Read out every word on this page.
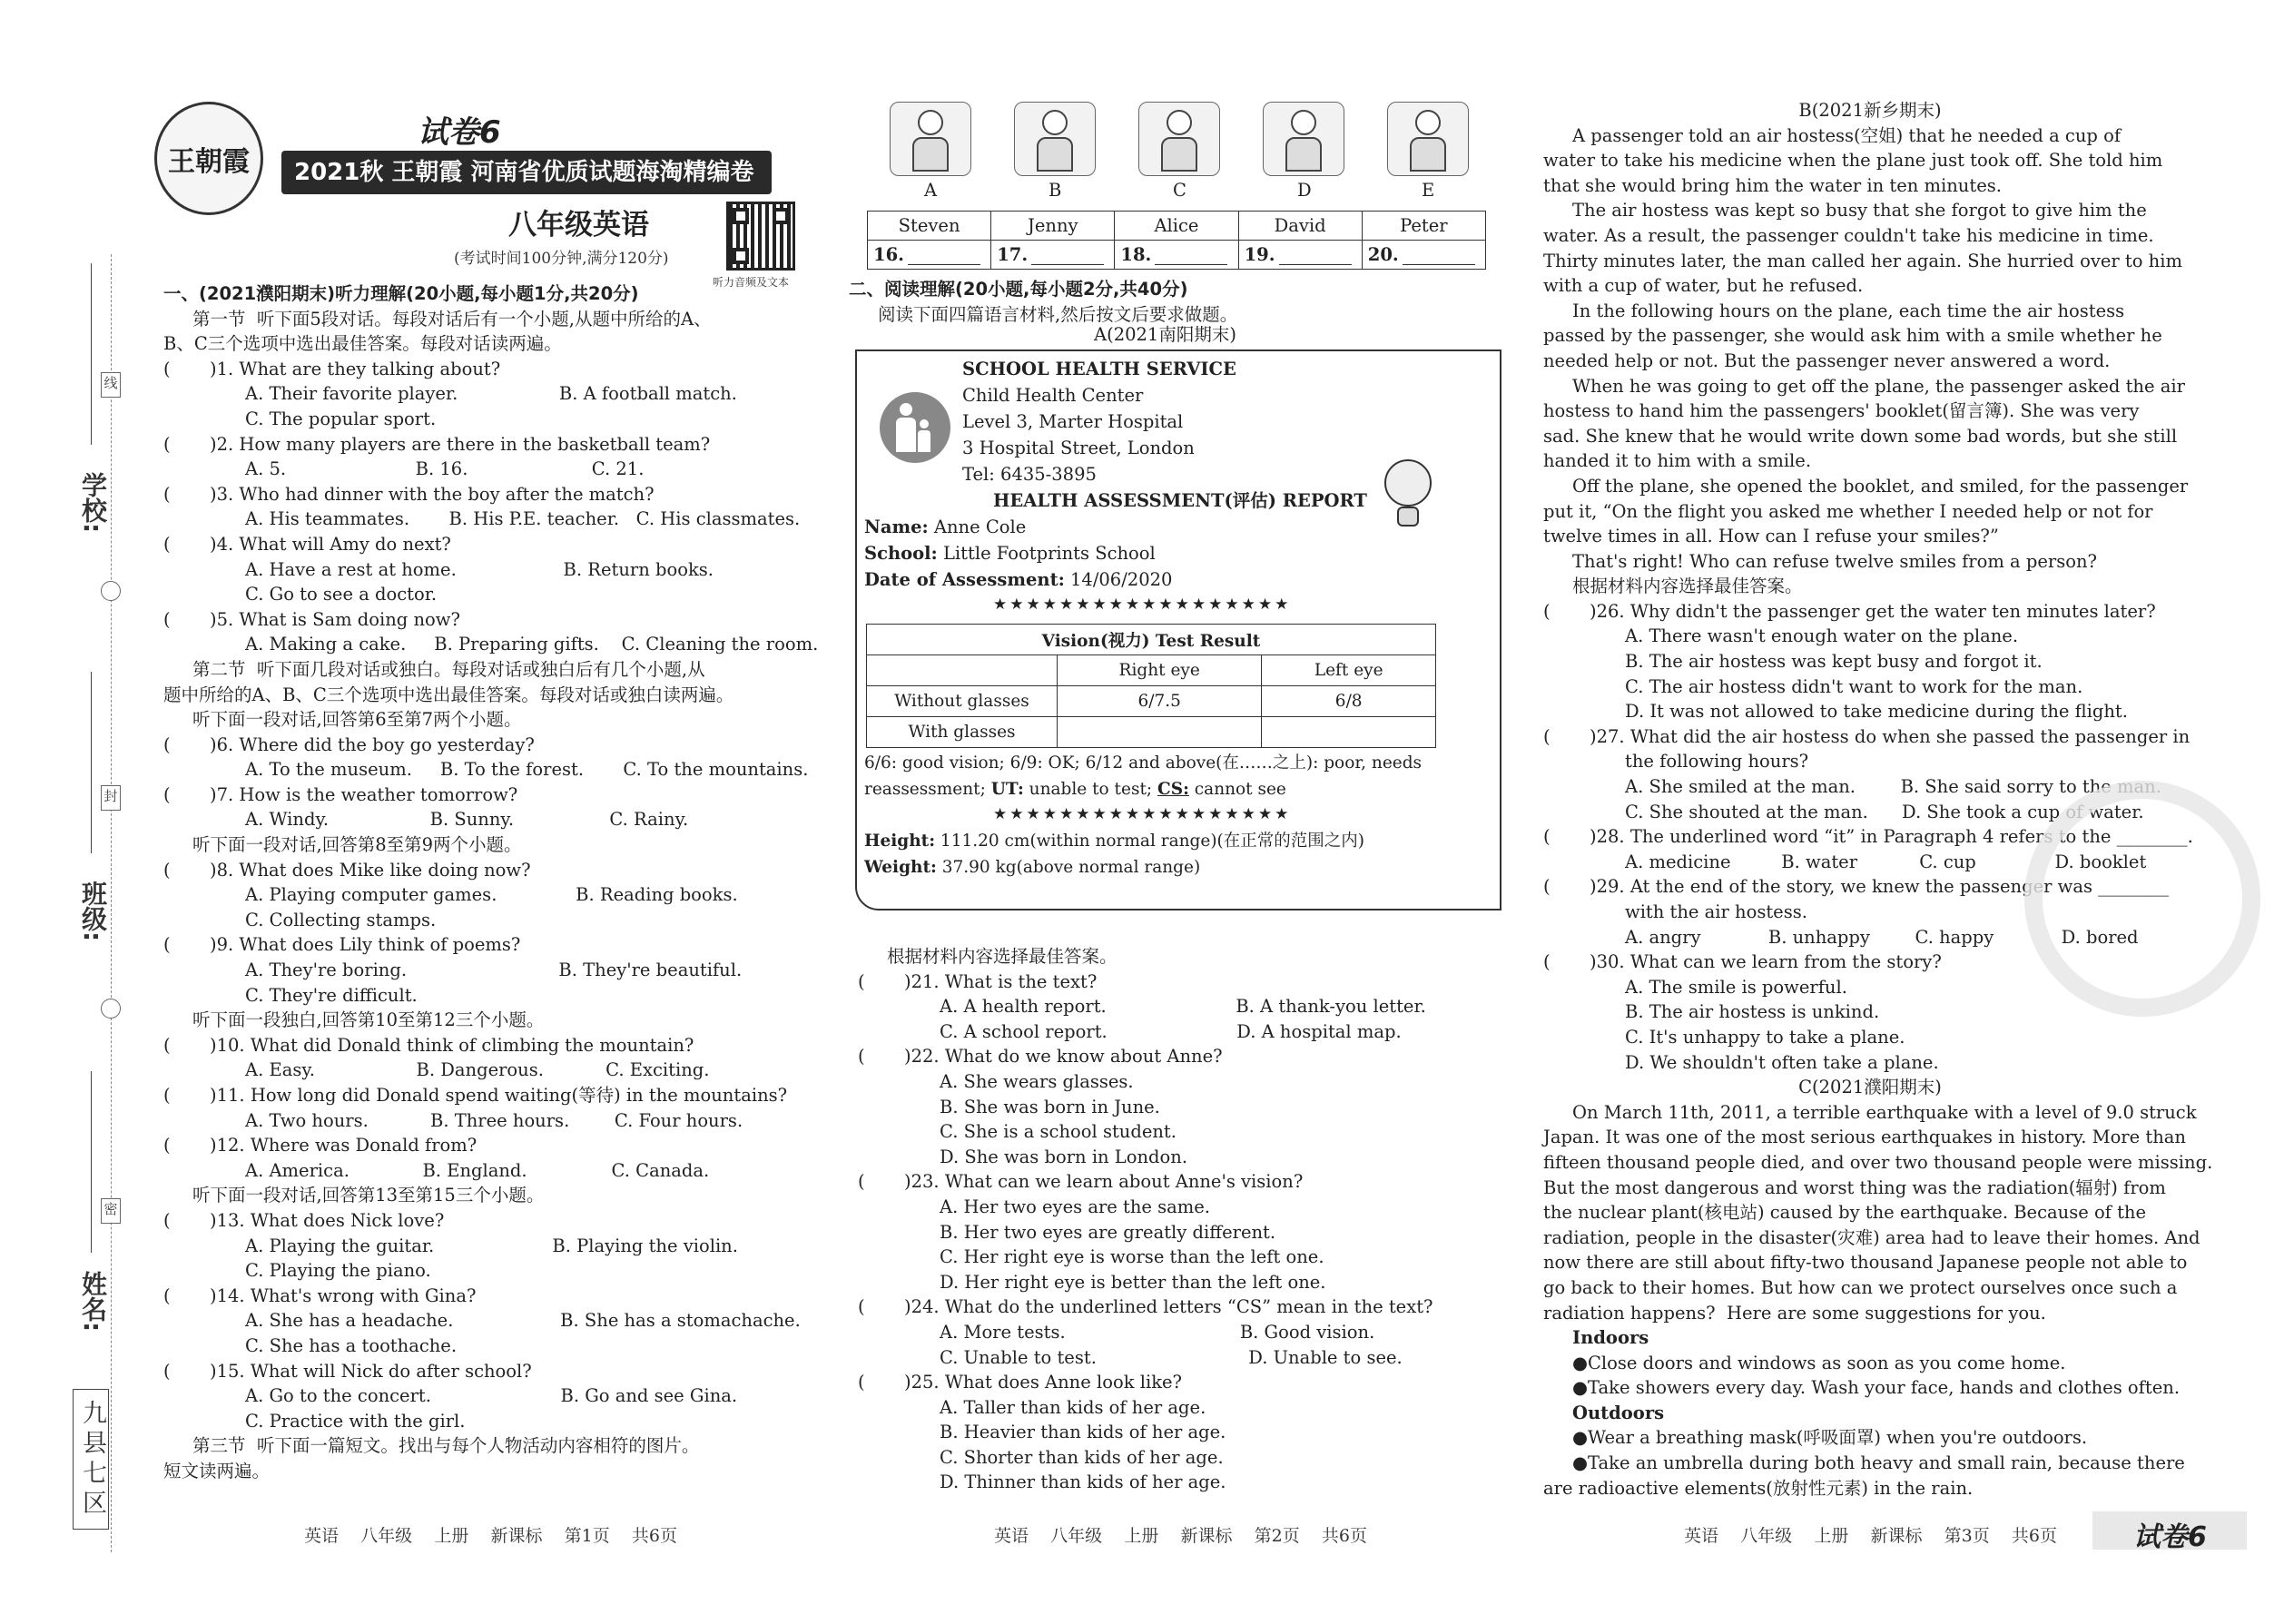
学校:
班级:
姓名:
线
封
密
九县七区
王朝霞
试卷6
2021秋 王朝霞 河南省优质试题海淘精编卷(一)	八年级英语
(考试时间100分钟,满分120分)
听力音频及文本
一、(2021濮阳期末)听力理解(20小题,每小题1分,共20分)
第一节  听下面5段对话。每段对话后有一个小题,从题中所给的A、
B、C三个选项中选出最佳答案。每段对话读两遍。
(       )1. What are they talking about?
A. Their favorite player.                  B. A football match.
C. The popular sport.
(       )2. How many players are there in the basketball team?
A. 5.                       B. 16.                      C. 21.
(       )3. Who had dinner with the boy after the match?
A. His teammates.       B. His P.E. teacher.   C. His classmates.
(       )4. What will Amy do next?
A. Have a rest at home.                   B. Return books.
C. Go to see a doctor.
(       )5. What is Sam doing now?
A. Making a cake.     B. Preparing gifts.    C. Cleaning the room.
第二节  听下面几段对话或独白。每段对话或独白后有几个小题,从
题中所给的A、B、C三个选项中选出最佳答案。每段对话或独白读两遍。
听下面一段对话,回答第6至第7两个小题。
(       )6. Where did the boy go yesterday?
A. To the museum.     B. To the forest.       C. To the mountains.
(       )7. How is the weather tomorrow?
A. Windy.                  B. Sunny.                 C. Rainy.
听下面一段对话,回答第8至第9两个小题。
(       )8. What does Mike like doing now?
A. Playing computer games.              B. Reading books.
C. Collecting stamps.
(       )9. What does Lily think of poems?
A. They're boring.                           B. They're beautiful.
C. They're difficult.
听下面一段独白,回答第10至第12三个小题。
(       )10. What did Donald think of climbing the mountain?
A. Easy.                  B. Dangerous.           C. Exciting.
(       )11. How long did Donald spend waiting(等待) in the mountains?
A. Two hours.           B. Three hours.        C. Four hours.
(       )12. Where was Donald from?
A. America.             B. England.               C. Canada.
听下面一段对话,回答第13至第15三个小题。
(       )13. What does Nick love?
A. Playing the guitar.                     B. Playing the violin.
C. Playing the piano.
(       )14. What's wrong with Gina?
A. She has a headache.                   B. She has a stomachache.
C. She has a toothache.
(       )15. What will Nick do after school?
A. Go to the concert.                       B. Go and see Gina.
C. Practice with the girl.
第三节  听下面一篇短文。找出与每个人物活动内容相符的图片。
短文读两遍。
英语    八年级    上册    新课标    第1页    共6页
A	B	C	D	E
Steven	Jenny	Alice	David	Peter
16.	17.	18.	19.	20.
二、阅读理解(20小题,每小题2分,共40分)
阅读下面四篇语言材料,然后按文后要求做题。
A(2021南阳期末)
SCHOOL HEALTH SERVICE
Child Health Center
Level 3, Marter Hospital
3 Hospital Street, London
Tel: 6435-3895
HEALTH ASSESSMENT(评估) REPORT
Name: Anne Cole
School: Little Footprints School
Date of Assessment: 14/06/2020
★★★★★★★★★★★★★★★★★★
Vision(视力) Test Result		
	Right eye	Left eye
Without glasses	6/7.5	6/8
With glasses		
6/6: good vision; 6/9: OK; 6/12 and above(在……之上): poor, needs
reassessment; UT: unable to test; CS: cannot see
★★★★★★★★★★★★★★★★★★
Height: 111.20 cm(within normal range)(在正常的范围之内)
Weight: 37.90 kg(above normal range)
根据材料内容选择最佳答案。
(       )21. What is the text?
A. A health report.                       B. A thank-you letter.
C. A school report.                       D. A hospital map.
(       )22. What do we know about Anne?
A. She wears glasses.
B. She was born in June.
C. She is a school student.
D. She was born in London.
(       )23. What can we learn about Anne's vision?
A. Her two eyes are the same.
B. Her two eyes are greatly different.
C. Her right eye is worse than the left one.
D. Her right eye is better than the left one.
(       )24. What do the underlined letters “CS” mean in the text?
A. More tests.                               B. Good vision.
C. Unable to test.                           D. Unable to see.
(       )25. What does Anne look like?
A. Taller than kids of her age.
B. Heavier than kids of her age.
C. Shorter than kids of her age.
D. Thinner than kids of her age.
英语    八年级    上册    新课标    第2页    共6页
B(2021新乡期末)
A passenger told an air hostess(空姐) that he needed a cup of
water to take his medicine when the plane just took off. She told him
that she would bring him the water in ten minutes.
The air hostess was kept so busy that she forgot to give him the
water. As a result, the passenger couldn't take his medicine in time.
Thirty minutes later, the man called her again. She hurried over to him
with a cup of water, but he refused.
In the following hours on the plane, each time the air hostess
passed by the passenger, she would ask him with a smile whether he
needed help or not. But the passenger never answered a word.
When he was going to get off the plane, the passenger asked the air
hostess to hand him the passengers' booklet(留言簿). She was very
sad. She knew that he would write down some bad words, but she still
handed it to him with a smile.
Off the plane, she opened the booklet, and smiled, for the passenger
put it, “On the flight you asked me whether I needed help or not for
twelve times in all. How can I refuse your smiles?”
That's right! Who can refuse twelve smiles from a person?
根据材料内容选择最佳答案。
(       )26. Why didn't the passenger get the water ten minutes later?
A. There wasn't enough water on the plane.
B. The air hostess was kept busy and forgot it.
C. The air hostess didn't want to work for the man.
D. It was not allowed to take medicine during the flight.
(       )27. What did the air hostess do when she passed the passenger in
the following hours?
A. She smiled at the man.        B. She said sorry to the man.
C. She shouted at the man.      D. She took a cup of water.
(       )28. The underlined word “it” in Paragraph 4 refers to the ________.
A. medicine         B. water           C. cup              D. booklet
(       )29. At the end of the story, we knew the passenger was ________
with the air hostess.
A. angry            B. unhappy        C. happy            D. bored
(       )30. What can we learn from the story?
A. The smile is powerful.
B. The air hostess is unkind.
C. It's unhappy to take a plane.
D. We shouldn't often take a plane.
C(2021濮阳期末)
On March 11th, 2011, a terrible earthquake with a level of 9.0 struck
Japan. It was one of the most serious earthquakes in history. More than
fifteen thousand people died, and over two thousand people were missing.
But the most dangerous and worst thing was the radiation(辐射) from
the nuclear plant(核电站) caused by the earthquake. Because of the
radiation, people in the disaster(灾难) area had to leave their homes. And
now there are still about fifty-two thousand Japanese people not able to
go back to their homes. But how can we protect ourselves once such a
radiation happens?  Here are some suggestions for you.
Indoors
●Close doors and windows as soon as you come home.
●Take showers every day. Wash your face, hands and clothes often.
Outdoors
●Wear a breathing mask(呼吸面罩) when you're outdoors.
●Take an umbrella during both heavy and small rain, because there
are radioactive elements(放射性元素) in the rain.
英语    八年级    上册    新课标    第3页    共6页	试卷6
